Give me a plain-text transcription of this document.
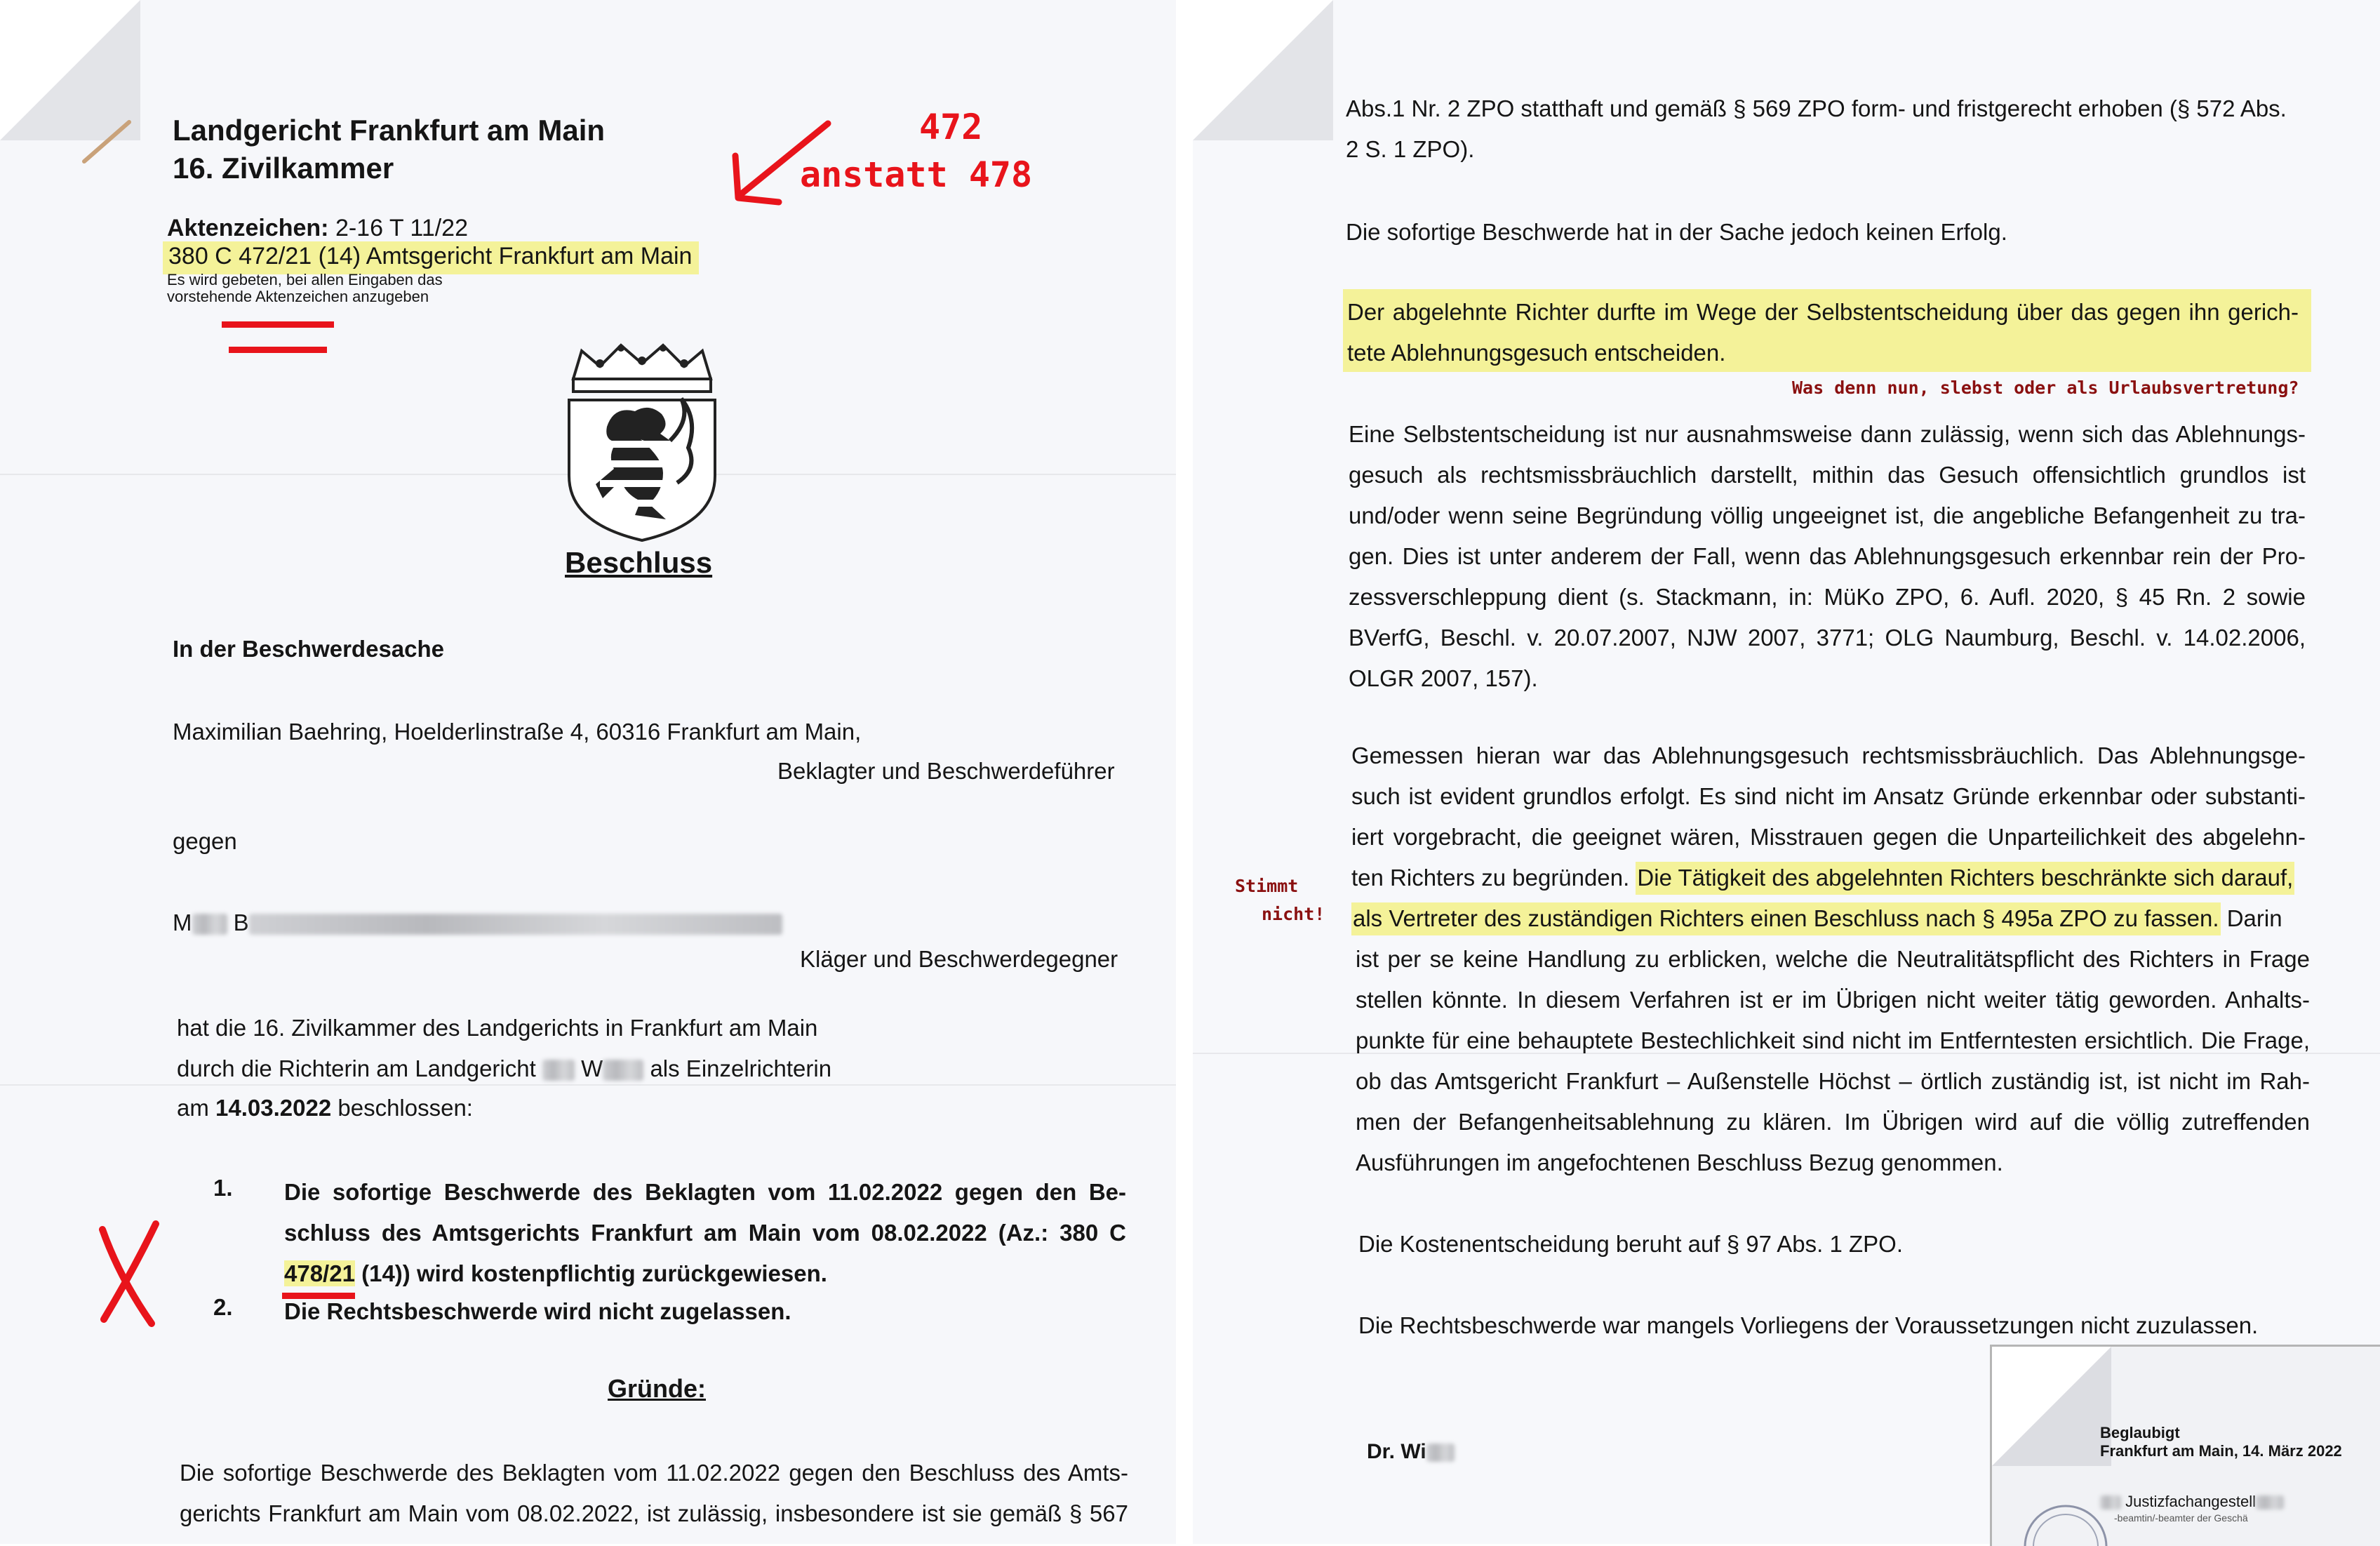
Landgericht Frankfurt am Main
16. Zivilkammer
472
anstatt 478
Aktenzeichen: 2-16 T 11/22
380 C 472/21 (14) Amtsgericht Frankfurt am Main
Es wird gebeten, bei allen Eingaben das
vorstehende Aktenzeichen anzugeben
Beschluss
In der Beschwerdesache
Maximilian Baehring, Hoelderlinstraße 4, 60316 Frankfurt am Main,
Beklagter und Beschwerdeführer
gegen
M B
Kläger und Beschwerdegegner
hat die 16. Zivilkammer des Landgerichts in Frankfurt am Main
durch die Richterin am Landgericht W als Einzelrichterin
am 14.03.2022 beschlossen:
1. Die sofortige Beschwerde des Beklagten vom 11.02.2022 gegen den Be-
schluss des Amtsgerichts Frankfurt am Main vom 08.02.2022 (Az.: 380 C
478/21 (14)) wird kostenpflichtig zurückgewiesen.
2. Die Rechtsbeschwerde wird nicht zugelassen.
Gründe:
Die sofortige Beschwerde des Beklagten vom 11.02.2022 gegen den Beschluss des Amts-
gerichts Frankfurt am Main vom 08.02.2022, ist zulässig, insbesondere ist sie gemäß § 567
Abs.1 Nr. 2 ZPO statthaft und gemäß § 569 ZPO form- und fristgerecht erhoben (§ 572 Abs.
2 S. 1 ZPO).
Die sofortige Beschwerde hat in der Sache jedoch keinen Erfolg.
Der abgelehnte Richter durfte im Wege der Selbstentscheidung über das gegen ihn gerich-
tete Ablehnungsgesuch entscheiden.
Was denn nun, slebst oder als Urlaubsvertretung?
Eine Selbstentscheidung ist nur ausnahmsweise dann zulässig, wenn sich das Ablehnungs-
gesuch als rechtsmissbräuchlich darstellt, mithin das Gesuch offensichtlich grundlos ist
und/oder wenn seine Begründung völlig ungeeignet ist, die angebliche Befangenheit zu tra-
gen. Dies ist unter anderem der Fall, wenn das Ablehnungsgesuch erkennbar rein der Pro-
zessverschleppung dient (s. Stackmann, in: MüKo ZPO, 6. Aufl. 2020, § 45 Rn. 2 sowie
BVerfG, Beschl. v. 20.07.2007, NJW 2007, 3771; OLG Naumburg, Beschl. v. 14.02.2006,
OLGR 2007, 157).
Gemessen hieran war das Ablehnungsgesuch rechtsmissbräuchlich. Das Ablehnungsge-
such ist evident grundlos erfolgt. Es sind nicht im Ansatz Gründe erkennbar oder substanti-
iert vorgebracht, die geeignet wären, Misstrauen gegen die Unparteilichkeit des abgelehn-
ten Richters zu begründen. Die Tätigkeit des abgelehnten Richters beschränkte sich darauf,
als Vertreter des zuständigen Richters einen Beschluss nach § 495a ZPO zu fassen. Darin
Stimmt
nicht!
ist per se keine Handlung zu erblicken, welche die Neutralitätspflicht des Richters in Frage
stellen könnte. In diesem Verfahren ist er im Übrigen nicht weiter tätig geworden. Anhalts-
punkte für eine behauptete Bestechlichkeit sind nicht im Entferntesten ersichtlich. Die Frage,
ob das Amtsgericht Frankfurt – Außenstelle Höchst – örtlich zuständig ist, ist nicht im Rah-
men der Befangenheitsablehnung zu klären. Im Übrigen wird auf die völlig zutreffenden
Ausführungen im angefochtenen Beschluss Bezug genommen.
Die Kostenentscheidung beruht auf § 97 Abs. 1 ZPO.
Die Rechtsbeschwerde war mangels Vorliegens der Voraussetzungen nicht zuzulassen.
Dr. Wi
Beglaubigt
Frankfurt am Main, 14. März 2022
Justizfachangestell
-beamtin/-beamter der Geschä
